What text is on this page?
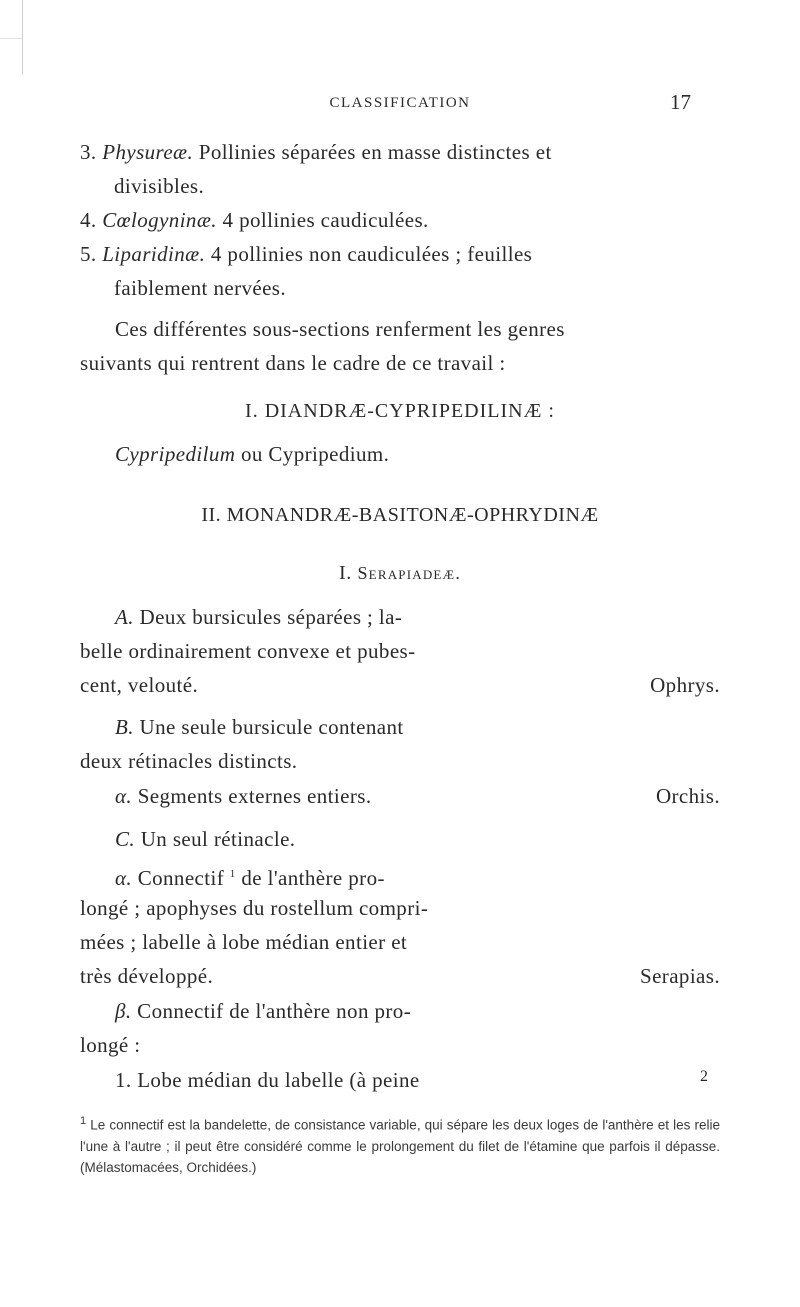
CLASSIFICATION	17
3. Physureæ. Pollinies séparées en masse distinctes et
divisibles.
4. Cœlogyninæ. 4 pollinies caudiculées.
5. Liparidinæ. 4 pollinies non caudiculées ; feuilles
faiblement nervées.
Ces différentes sous-sections renferment les genres
suivants qui rentrent dans le cadre de ce travail :
I. DIANDRÆ-CYPRIPEDILINÆ :
Cypripedilum ou Cypripedium.
II. MONANDRÆ-BASITONÆ-OPHRYDINÆ
I. Serapiadeæ.
A. Deux bursicules séparées ; la-
belle ordinairement convexe et pubes-
cent, velouté.	Ophrys.
B. Une seule bursicule contenant
deux rétinacles distincts.
α. Segments externes entiers.	Orchis.
C. Un seul rétinacle.
α. Connectif $^1$ de l'anthère pro-
longé ; apophyses du rostellum compri-
mées ; labelle à lobe médian entier et
très développé.	Serapias.
β. Connectif de l'anthère non pro-
longé :
1. Lobe médian du labelle (à peine
$^1$ Le connectif est la bandelette, de consistance variable, qui sépare les deux loges de l'anthère et les relie l'une à l'autre ; il peut être considéré comme le prolongement du filet de l'étamine que parfois il dépasse. (Mélastomacées, Orchidées.)
2
